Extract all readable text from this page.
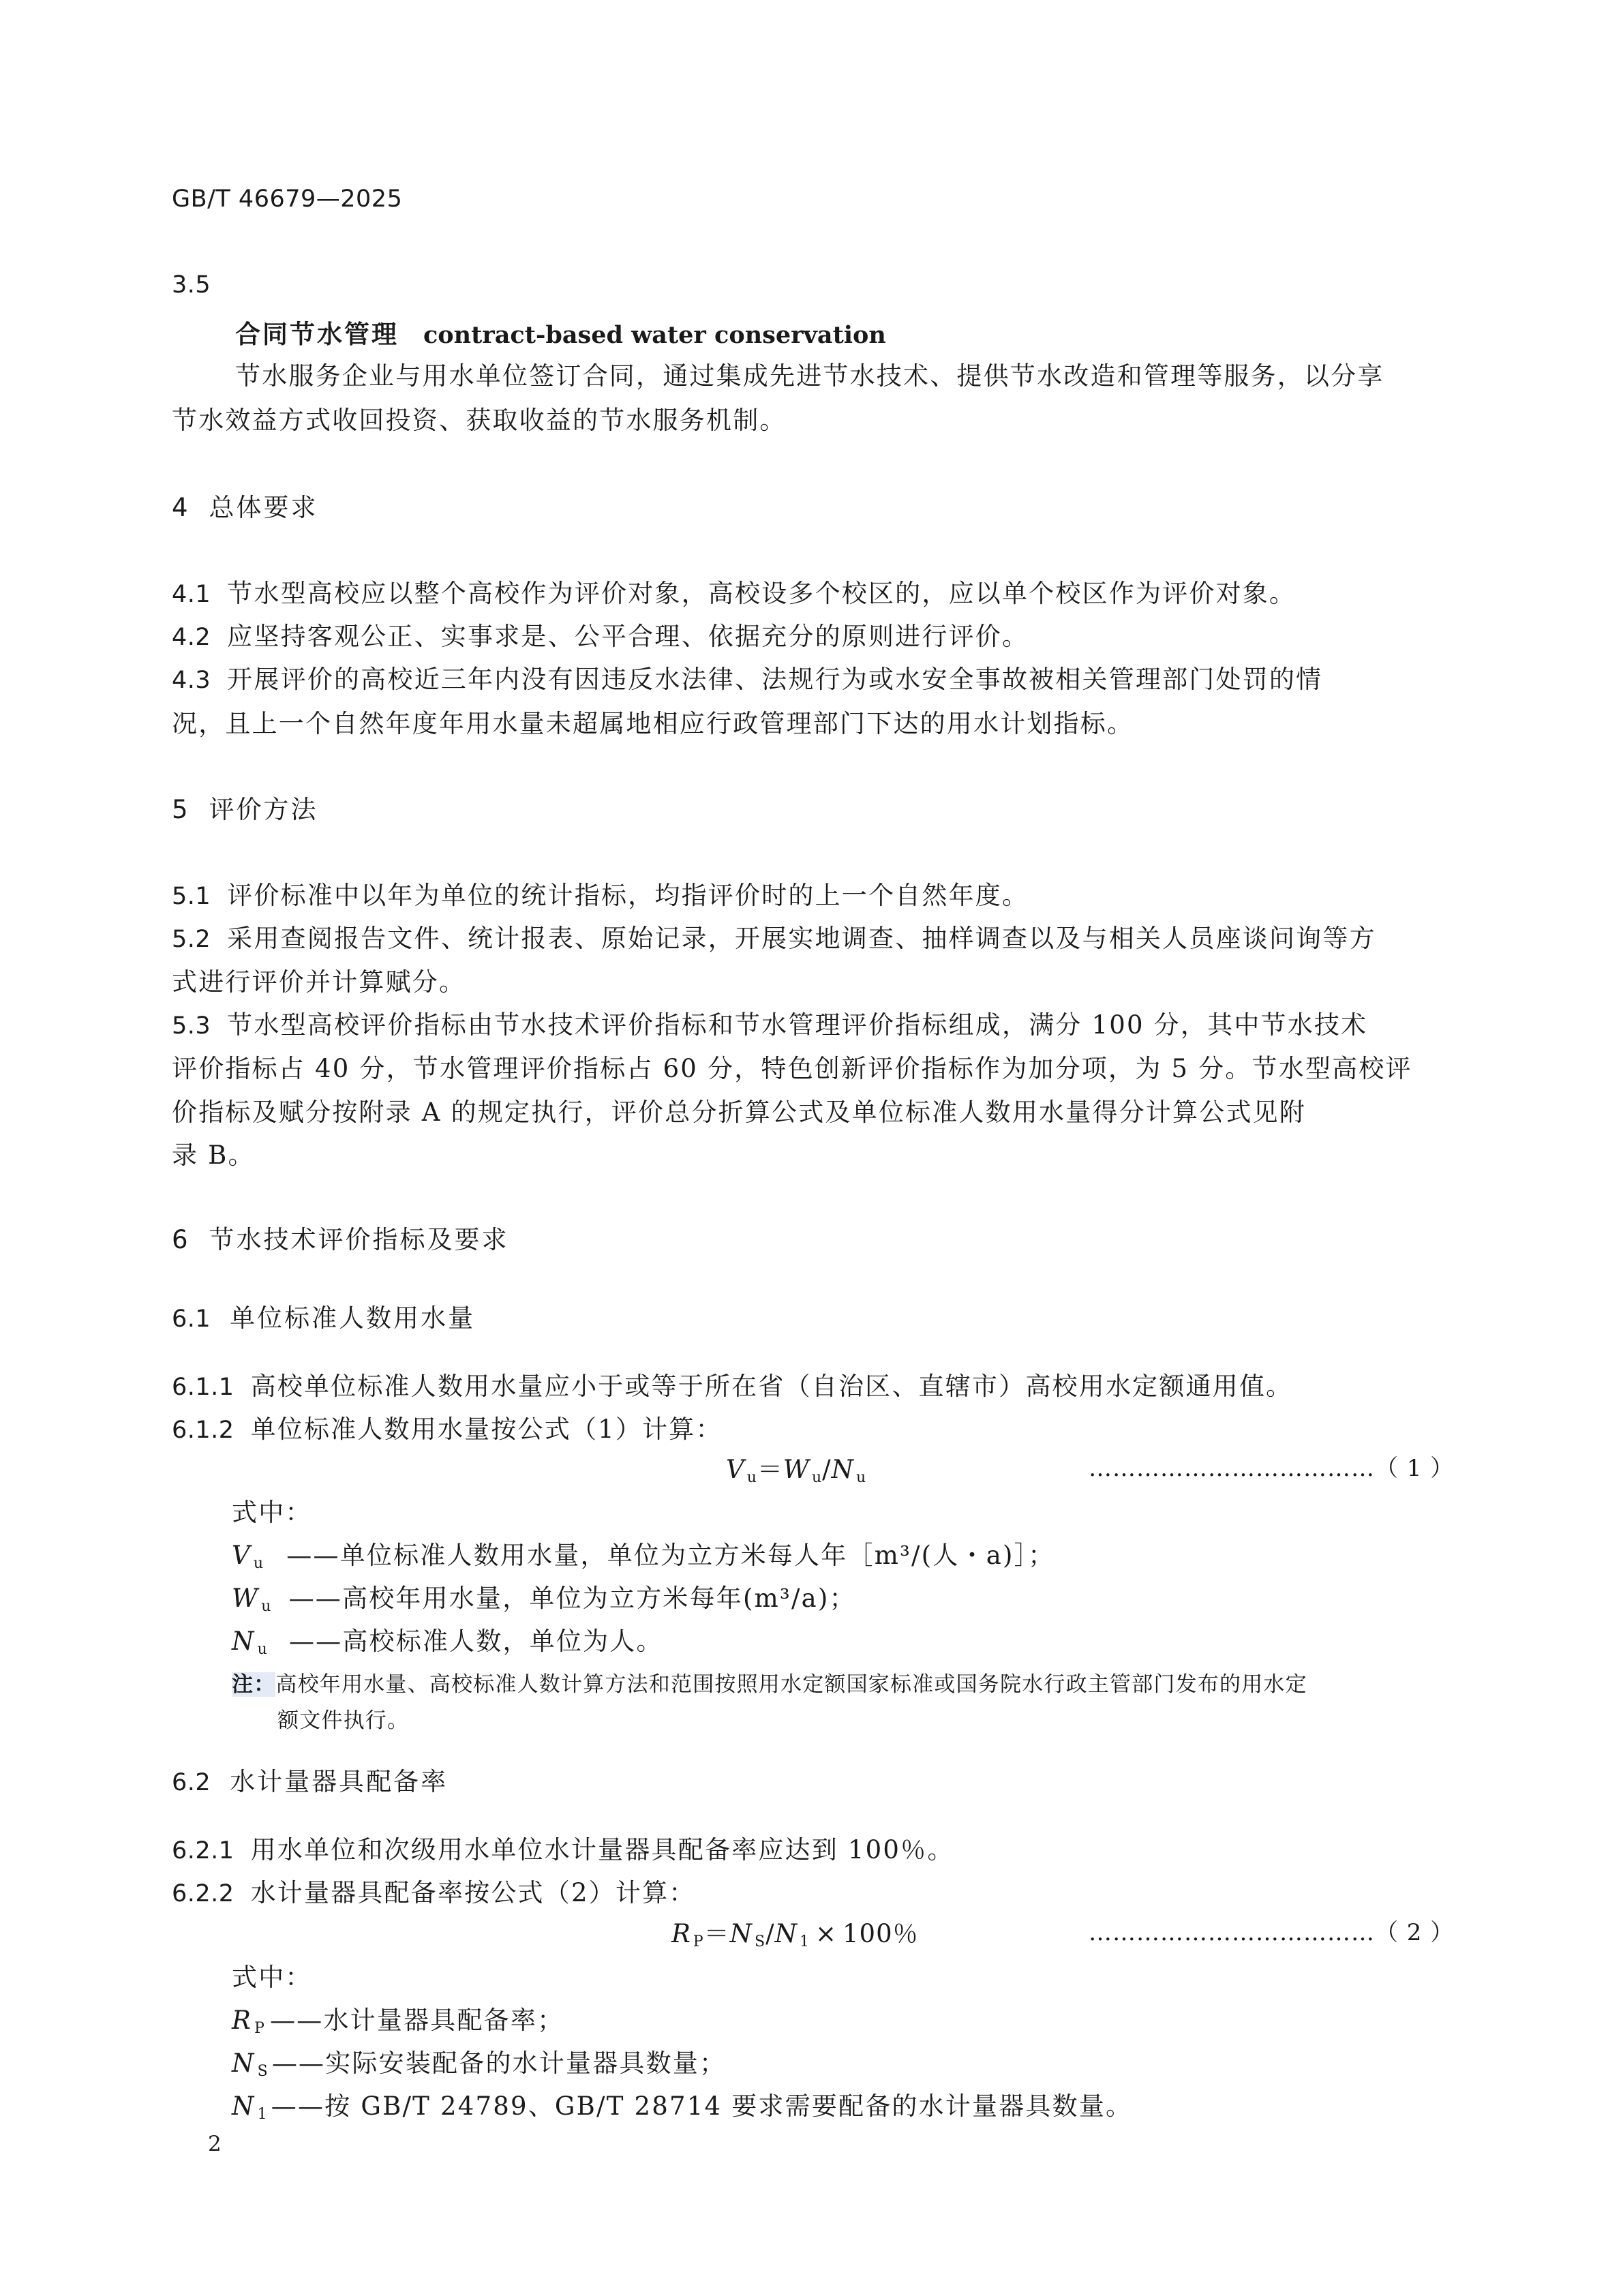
GB/T 46679—2025
3.5
合同节水管理 contract-based water conservation
节水服务企业与用水单位签订合同，通过集成先进节水技术、提供节水改造和管理等服务，以分享
节水效益方式收回投资、获取收益的节水服务机制。
4 总体要求
4.1 节水型高校应以整个高校作为评价对象，高校设多个校区的，应以单个校区作为评价对象。
4.2 应坚持客观公正、实事求是、公平合理、依据充分的原则进行评价。
4.3 开展评价的高校近三年内没有因违反水法律、法规行为或水安全事故被相关管理部门处罚的情
况，且上一个自然年度年用水量未超属地相应行政管理部门下达的用水计划指标。
5 评价方法
5.1 评价标准中以年为单位的统计指标，均指评价时的上一个自然年度。
5.2 采用查阅报告文件、统计报表、原始记录，开展实地调查、抽样调查以及与相关人员座谈问询等方
式进行评价并计算赋分。
5.3 节水型高校评价指标由节水技术评价指标和节水管理评价指标组成，满分 100 分，其中节水技术
评价指标占 40 分，节水管理评价指标占 60 分，特色创新评价指标作为加分项，为 5 分。节水型高校评
价指标及赋分按附录 A 的规定执行，评价总分折算公式及单位标准人数用水量得分计算公式见附
录 B。
6 节水技术评价指标及要求
6.1 单位标准人数用水量
6.1.1 高校单位标准人数用水量应小于或等于所在省（自治区、直辖市）高校用水定额通用值。
6.1.2 单位标准人数用水量按公式（1）计算：
V $_u$＝W $_u$/N $_u$	………………………………（ 1 ）
式中：
V $_u$ ——单位标准人数用水量，单位为立方米每人年［m³/(人・a)］；
W $_u$ ——高校年用水量，单位为立方米每年(m³/a)；
N $_u$ ——高校标准人数，单位为人。
注：高校年用水量、高校标准人数计算方法和范围按照用水定额国家标准或国务院水行政主管部门发布的用水定
额文件执行。
6.2 水计量器具配备率
6.2.1 用水单位和次级用水单位水计量器具配备率应达到 100％。
6.2.2 水计量器具配备率按公式（2）计算：
R $_P$＝N $_S$/N $_1$ × 100％	………………………………（ 2 ）
式中：
R $_P$ ——水计量器具配备率；
N $_S$ ——实际安装配备的水计量器具数量；
N $_1$ ——按 GB/T 24789、GB/T 28714 要求需要配备的水计量器具数量。
2
